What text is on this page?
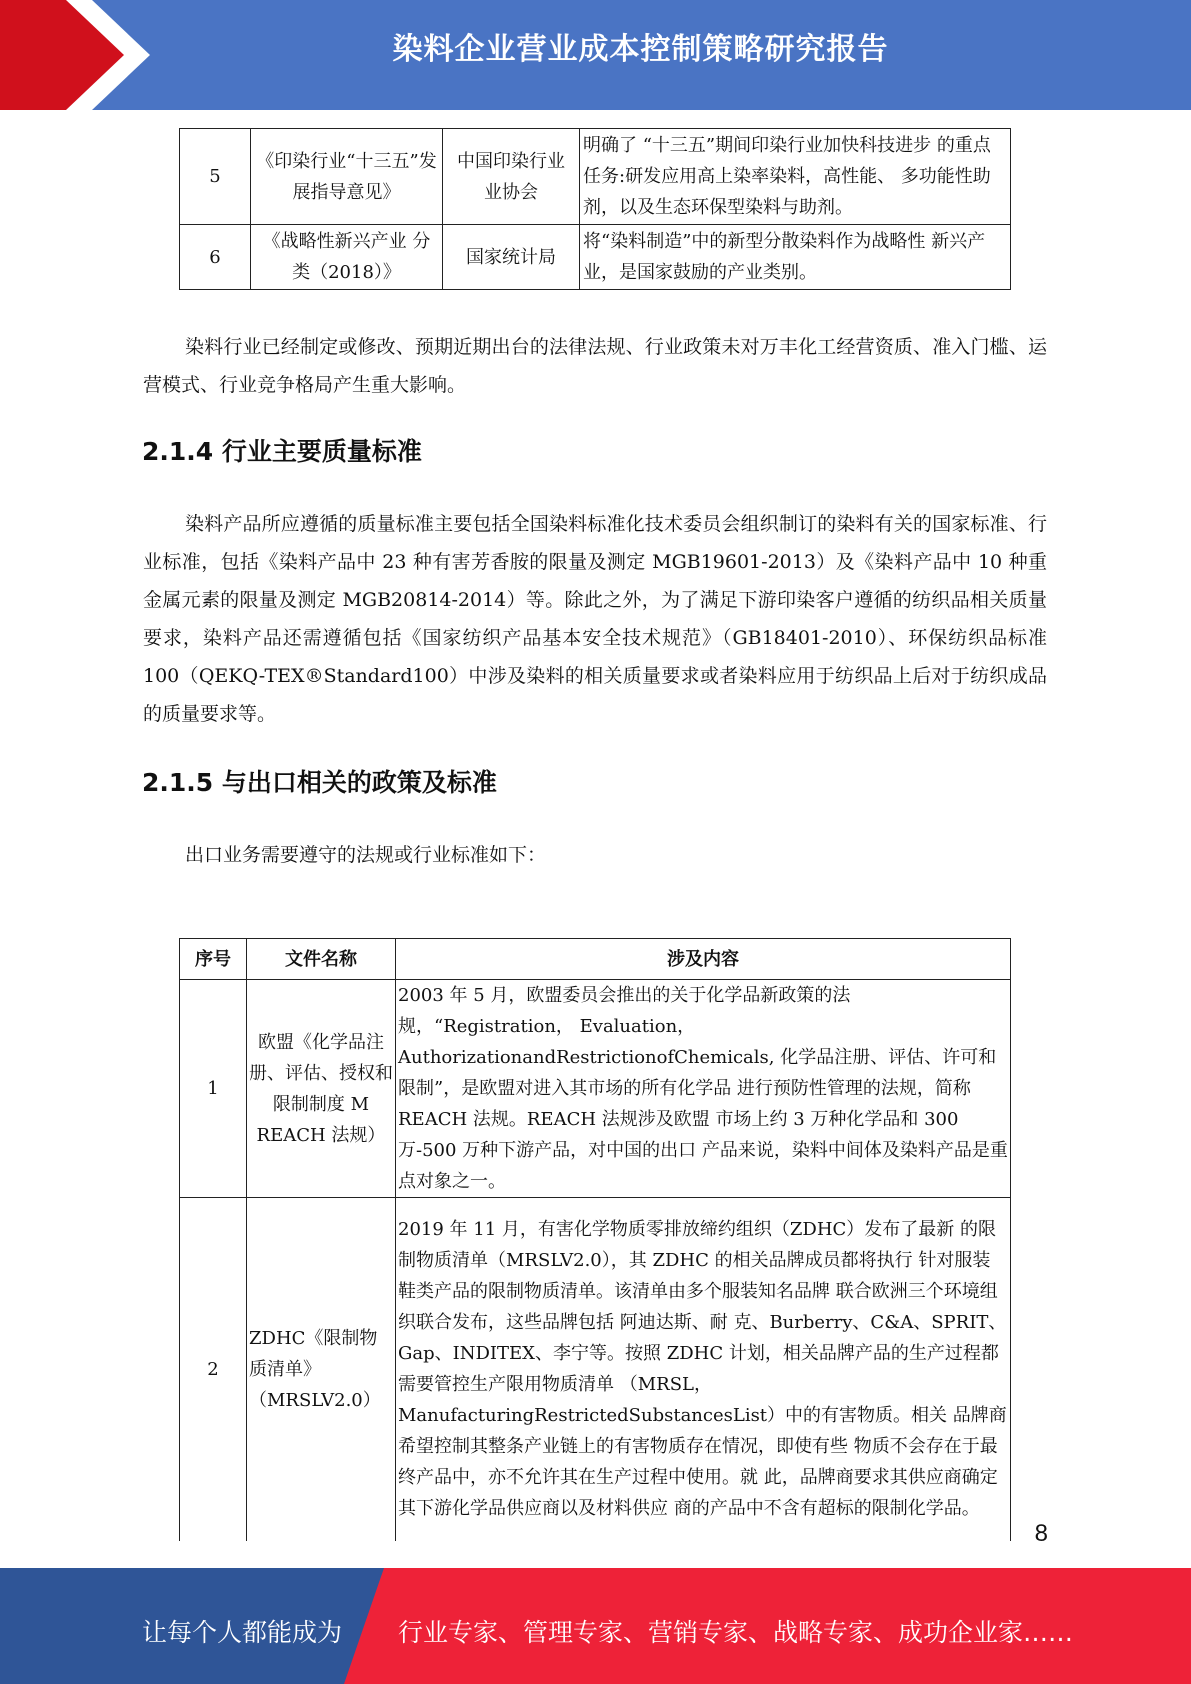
染料企业营业成本控制策略研究报告
5	《印染行业“十三五”发展指导意见》	中国印染行业 业协会	明确了 “十三五”期间印染行业加快科技进步 的重点任务:研发应用高上染率染料，高性能、 多功能性助剂，以及生态环保型染料与助剂。
6	《战略性新兴产业 分类（2018）》	国家统计局	将“染料制造”中的新型分散染料作为战略性 新兴产业，是国家鼓励的产业类别。
染料行业已经制定或修改、预期近期出台的法律法规、行业政策未对万丰化工经营资质、准入门槛、运营模式、行业竞争格局产生重大影响。
2.1.4 行业主要质量标准
染料产品所应遵循的质量标准主要包括全国染料标准化技术委员会组织制订的染料有关的国家标准、行业标准，包括《染料产品中 23 种有害芳香胺的限量及测定 MGB19601-2013）及《染料产品中 10 种重金属元素的限量及测定 MGB20814-2014）等。除此之外，为了满足下游印染客户遵循的纺织品相关质量要求，染料产品还需遵循包括《国家纺织产品基本安全技术规范》（GB18401-2010）、环保纺织品标准 100（QEKQ-TEX®Standard100）中涉及染料的相关质量要求或者染料应用于纺织品上后对于纺织成品的质量要求等。
2.1.5 与出口相关的政策及标准
出口业务需要遵守的法规或行业标准如下：
序号	文件名称	涉及内容
1	欧盟《化学品注册、评估、授权和限制制度 M REACH 法规）	2003 年 5 月，欧盟委员会推出的关于化学品新政策的法规，“Registration， Evaluation， AuthorizationandRestrictionofChemicals, 化学品注册、评估、许可和限制”，是欧盟对进入其市场的所有化学品 进行预防性管理的法规，简称 REACH 法规。REACH 法规涉及欧盟 市场上约 3 万种化学品和 300 万-500 万种下游产品，对中国的出口 产品来说，染料中间体及染料产品是重点对象之一。
2	ZDHC《限制物质清单》（MRSLV2.0）	2019 年 11 月，有害化学物质零排放缔约组织（ZDHC）发布了最新 的限制物质清单（MRSLV2.0），其 ZDHC 的相关品牌成员都将执行 针对服装鞋类产品的限制物质清单。该清单由多个服装知名品牌 联合欧洲三个环境组织联合发布，这些品牌包括 阿迪达斯、耐 克、Burberry、C&A、SPRIT、Gap、INDITEX、李宁等。按照 ZDHC 计划，相关品牌产品的生产过程都需要管控生产限用物质清单 （MRSL，ManufacturingRestrictedSubstancesList）中的有害物质。相关 品牌商希望控制其整条产业链上的有害物质存在情况，即使有些 物质不会存在于最终产品中，亦不允许其在生产过程中使用。就 此，品牌商要求其供应商确定其下游化学品供应商以及材料供应 商的产品中不含有超标的限制化学品。
8
让每个人都能成为 行业专家、管理专家、营销专家、战略专家、成功企业家……
